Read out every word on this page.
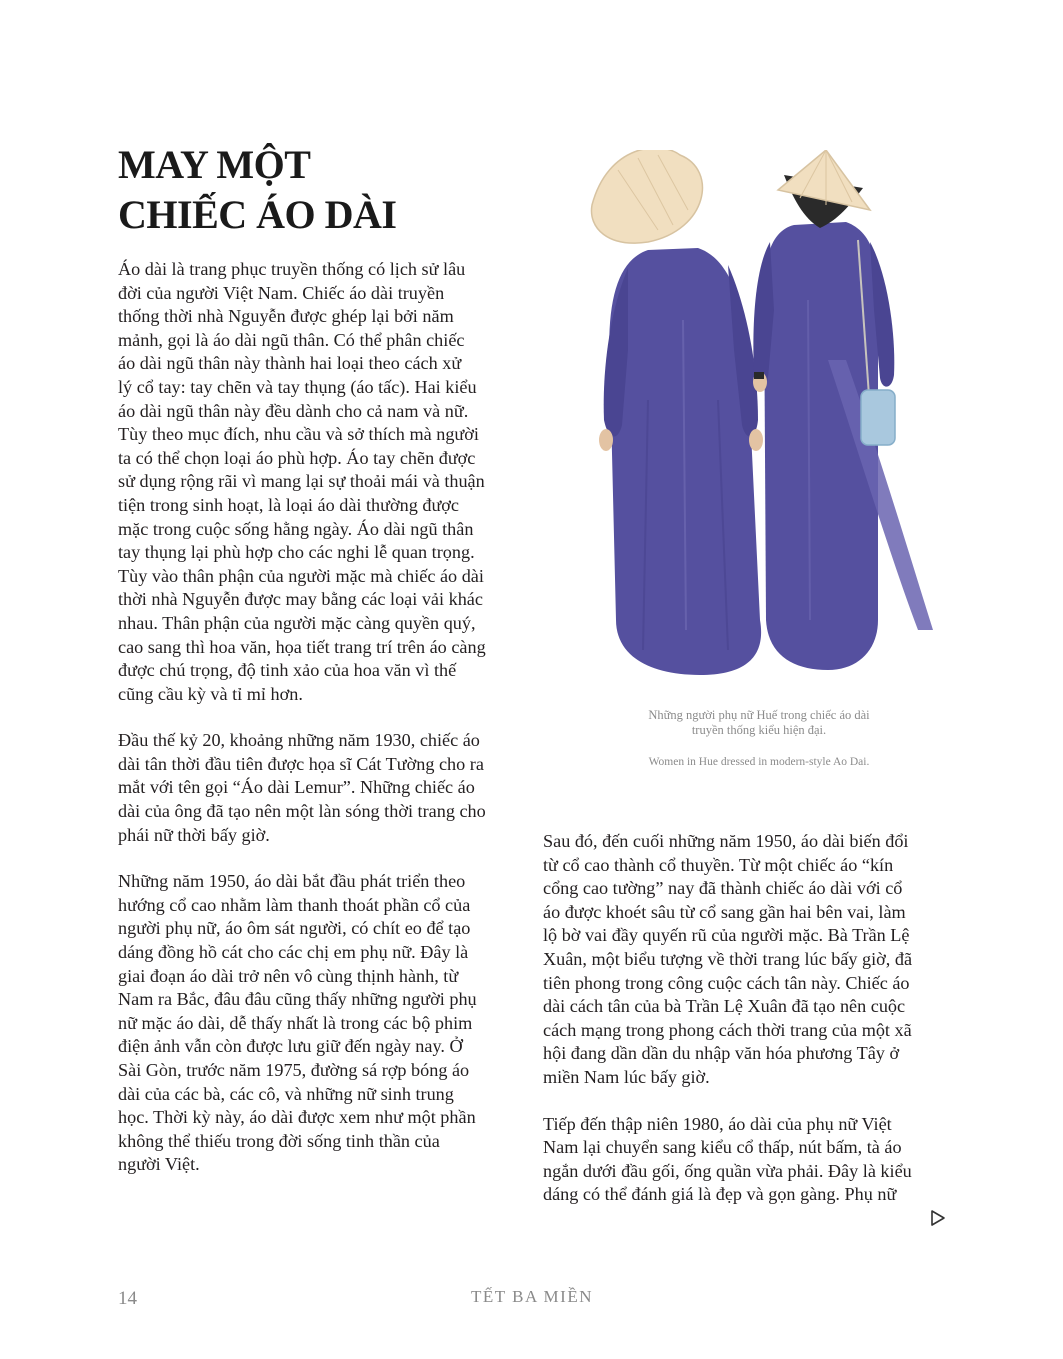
MAY MỘT
CHIẾC ÁO DÀI

Áo dài là trang phục truyền thống có lịch sử lâu
đời của người Việt Nam. Chiếc áo dài truyền
thống thời nhà Nguyễn được ghép lại bởi năm
mảnh, gọi là áo dài ngũ thân. Có thể phân chiếc
áo dài ngũ thân này thành hai loại theo cách xử
lý cổ tay: tay chẽn và tay thụng (áo tấc). Hai kiểu
áo dài ngũ thân này đều dành cho cả nam và nữ.
Tùy theo mục đích, nhu cầu và sở thích mà người
ta có thể chọn loại áo phù hợp. Áo tay chẽn được
sử dụng rộng rãi vì mang lại sự thoải mái và thuận
tiện trong sinh hoạt, là loại áo dài thường được
mặc trong cuộc sống hằng ngày. Áo dài ngũ thân
tay thụng lại phù hợp cho các nghi lễ quan trọng.
Tùy vào thân phận của người mặc mà chiếc áo dài
thời nhà Nguyễn được may bằng các loại vải khác
nhau. Thân phận của người mặc càng quyền quý,
cao sang thì hoa văn, họa tiết trang trí trên áo càng
được chú trọng, độ tinh xảo của hoa văn vì thế
cũng cầu kỳ và tỉ mỉ hơn.

Đầu thế kỷ 20, khoảng những năm 1930, chiếc áo
dài tân thời đầu tiên được họa sĩ Cát Tường cho ra
mắt với tên gọi “Áo dài Lemur”. Những chiếc áo
dài của ông đã tạo nên một làn sóng thời trang cho
phái nữ thời bấy giờ.

Những năm 1950, áo dài bắt đầu phát triển theo
hướng cổ cao nhằm làm thanh thoát phần cổ của
người phụ nữ, áo ôm sát người, có chít eo để tạo
dáng đồng hồ cát cho các chị em phụ nữ. Đây là
giai đoạn áo dài trở nên vô cùng thịnh hành, từ
Nam ra Bắc, đâu đâu cũng thấy những người phụ
nữ mặc áo dài, dễ thấy nhất là trong các bộ phim
điện ảnh vẫn còn được lưu giữ đến ngày nay. Ở
Sài Gòn, trước năm 1975, đường sá rợp bóng áo
dài của các bà, các cô, và những nữ sinh trung
học. Thời kỳ này, áo dài được xem như một phần
không thể thiếu trong đời sống tinh thần của
người Việt.

Sau đó, đến cuối những năm 1950, áo dài biến đổi
từ cổ cao thành cổ thuyền. Từ một chiếc áo “kín
cổng cao tường” nay đã thành chiếc áo dài với cổ
áo được khoét sâu từ cổ sang gần hai bên vai, làm
lộ bờ vai đầy quyến rũ của người mặc. Bà Trần Lệ
Xuân, một biểu tượng về thời trang lúc bấy giờ, đã
tiên phong trong công cuộc cách tân này. Chiếc áo
dài cách tân của bà Trần Lệ Xuân đã tạo nên cuộc
cách mạng trong phong cách thời trang của một xã
hội đang dần dần du nhập văn hóa phương Tây ở
miền Nam lúc bấy giờ.

Tiếp đến thập niên 1980, áo dài của phụ nữ Việt
Nam lại chuyển sang kiểu cổ thấp, nút bấm, tà áo
ngắn dưới đầu gối, ống quần vừa phải. Đây là kiểu
dáng có thể đánh giá là đẹp và gọn gàng. Phụ nữ

Những người phụ nữ Huế trong chiếc áo dài
truyền thống kiểu hiện đại.
Women in Hue dressed in modern-style Ao Dai.
14	TẾT BA MIỀN
